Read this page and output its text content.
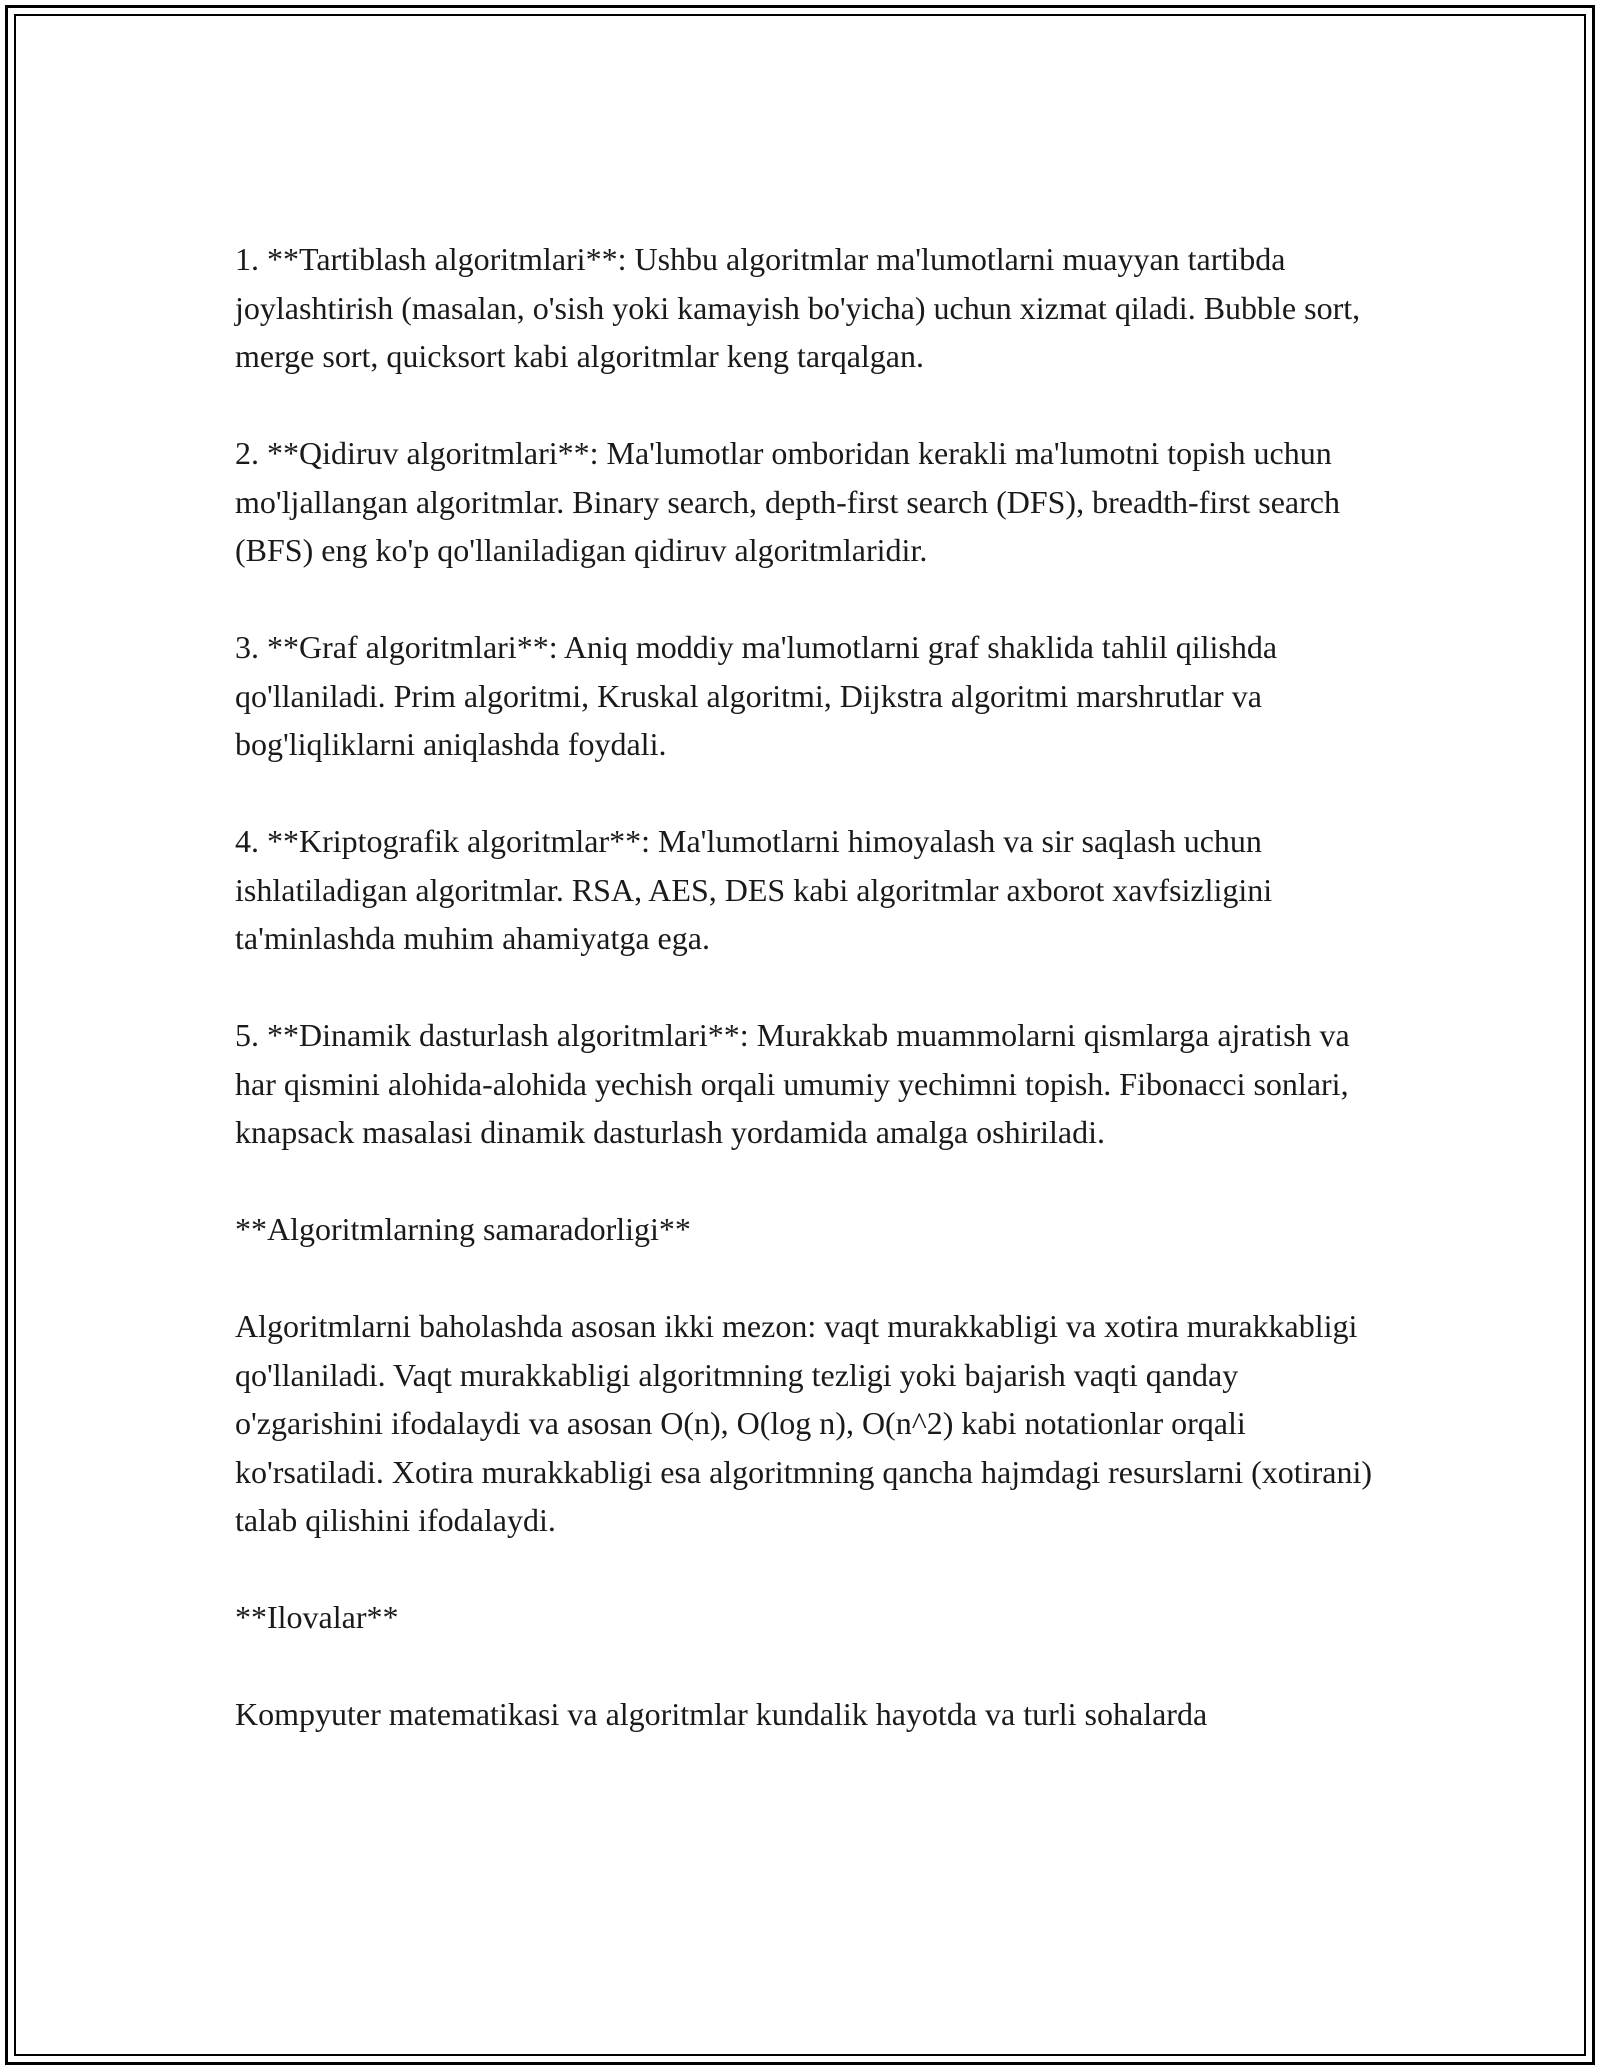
1. **Tartiblash algoritmlari**: Ushbu algoritmlar ma'lumotlarni muayyan tartibda joylashtirish (masalan, o'sish yoki kamayish bo'yicha) uchun xizmat qiladi. Bubble sort, merge sort, quicksort kabi algoritmlar keng tarqalgan.

2. **Qidiruv algoritmlari**: Ma'lumotlar omboridan kerakli ma'lumotni topish uchun mo'ljallangan algoritmlar. Binary search, depth-first search (DFS), breadth-first search (BFS) eng ko'p qo'llaniladigan qidiruv algoritmlaridir.

3. **Graf algoritmlari**: Aniq moddiy ma'lumotlarni graf shaklida tahlil qilishda qo'llaniladi. Prim algoritmi, Kruskal algoritmi, Dijkstra algoritmi marshrutlar va bog'liqliklarni aniqlashda foydali.

4. **Kriptografik algoritmlar**: Ma'lumotlarni himoyalash va sir saqlash uchun ishlatiladigan algoritmlar. RSA, AES, DES kabi algoritmlar axborot xavfsizligini ta'minlashda muhim ahamiyatga ega.

5. **Dinamik dasturlash algoritmlari**: Murakkab muammolarni qismlarga ajratish va har qismini alohida-alohida yechish orqali umumiy yechimni topish. Fibonacci sonlari, knapsack masalasi dinamik dasturlash yordamida amalga oshiriladi.

**Algoritmlarning samaradorligi**

Algoritmlarni baholashda asosan ikki mezon: vaqt murakkabligi va xotira murakkabligi qo'llaniladi. Vaqt murakkabligi algoritmning tezligi yoki bajarish vaqti qanday o'zgarishini ifodalaydi va asosan O(n), O(log n), O(n^2) kabi notationlar orqali ko'rsatiladi. Xotira murakkabligi esa algoritmning qancha hajmdagi resurslarni (xotirani) talab qilishini ifodalaydi.

**Ilovalar**

Kompyuter matematikasi va algoritmlar kundalik hayotda va turli sohalarda
